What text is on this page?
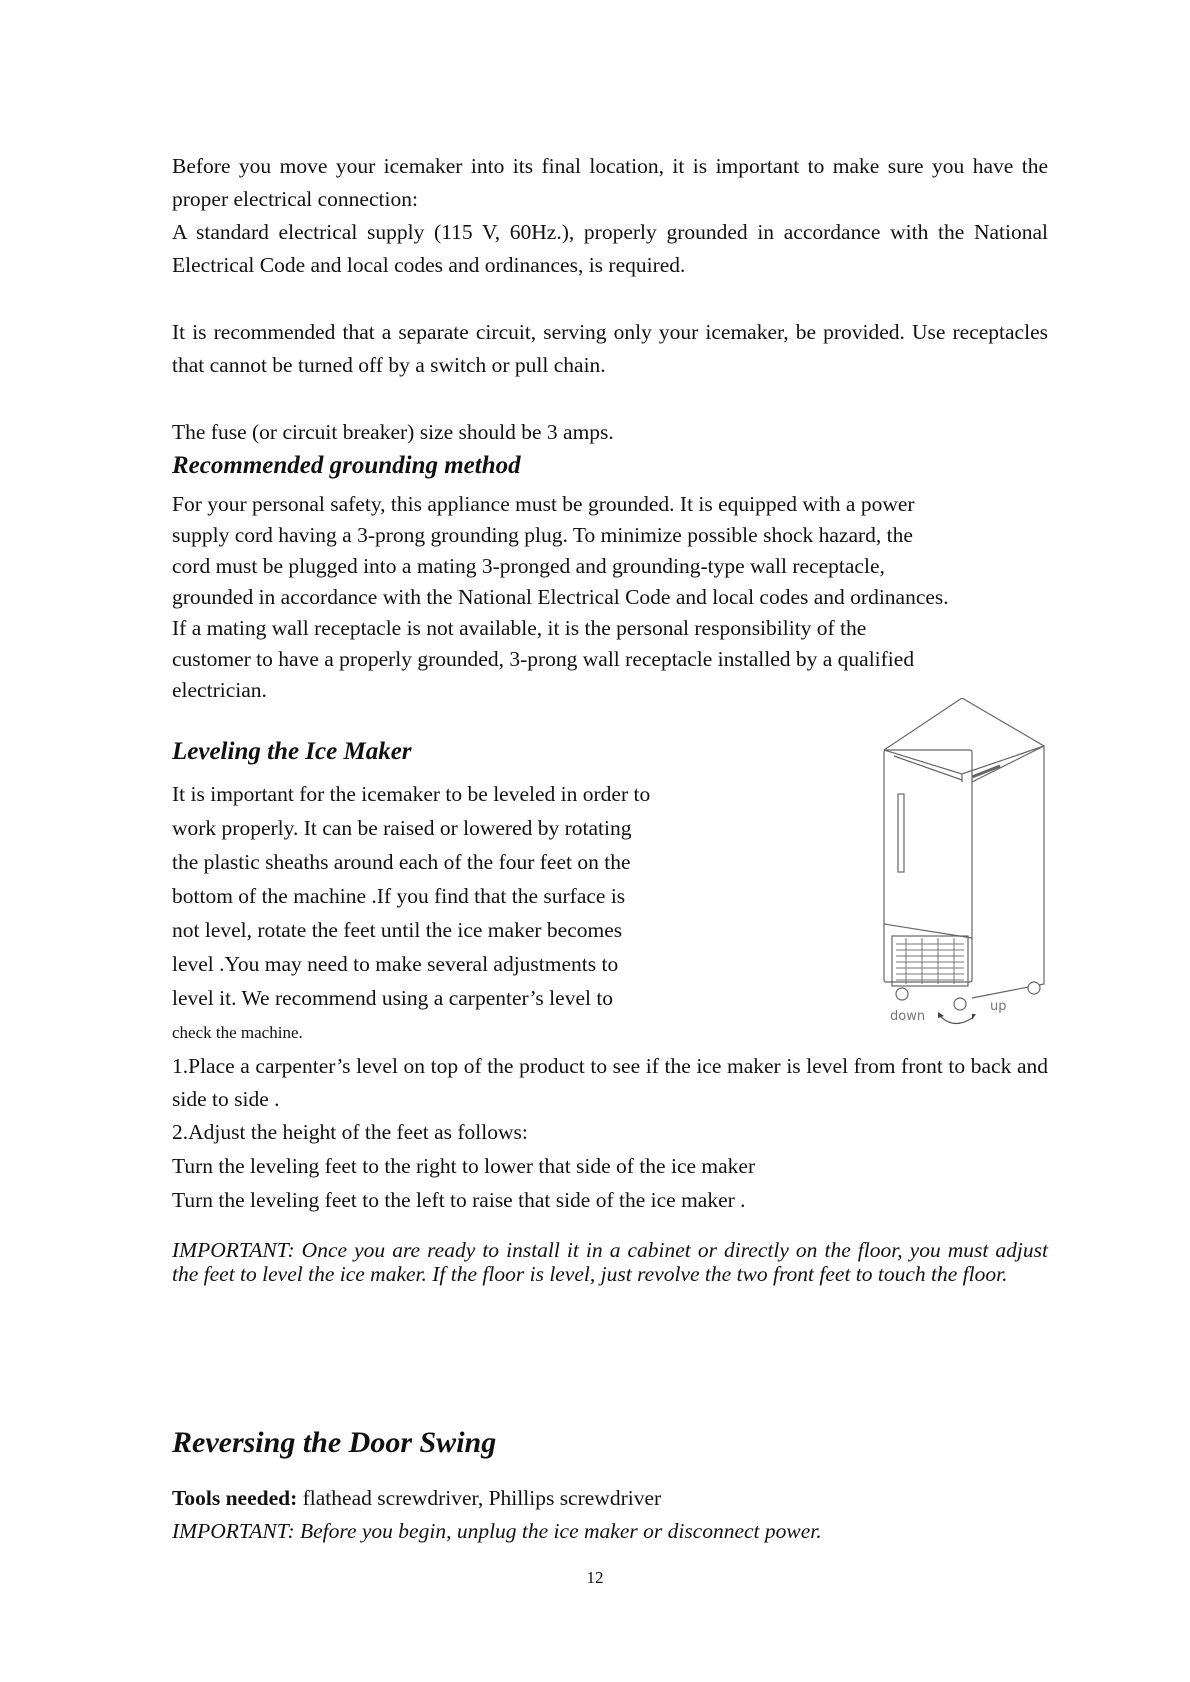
Before you move your icemaker into its final location, it is important to make sure you have the proper electrical connection:

A standard electrical supply (115 V, 60Hz.), properly grounded in accordance with the National Electrical Code and local codes and ordinances, is required.

It is recommended that a separate circuit, serving only your icemaker, be provided. Use receptacles that cannot be turned off by a switch or pull chain.

The fuse (or circuit breaker) size should be 3 amps.

Recommended grounding method

For your personal safety, this appliance must be grounded. It is equipped with a power

supply cord having a 3-prong grounding plug. To minimize possible shock hazard, the

cord must be plugged into a mating 3-pronged and grounding-type wall receptacle,

grounded in accordance with the National Electrical Code and local codes and ordinances.

If a mating wall receptacle is not available, it is the personal responsibility of the

customer to have a properly grounded, 3-prong wall receptacle installed by a qualified

electrician.

Leveling the Ice Maker

It is important for the icemaker to be leveled in order to

work properly. It can be raised or lowered by rotating

the plastic sheaths around each of the four feet on the

bottom of the machine .If you find that the surface is

not level, rotate the feet until the ice maker becomes

level .You may need to make several adjustments to

level it. We recommend using a carpenter’s level to

check the machine.

down
up

1.Place a carpenter’s level on top of the product to see if the ice maker is level from front to back and side to side .

2.Adjust the height of the feet as follows:

Turn the leveling feet to the right to lower that side of the ice maker

Turn the leveling feet to the left to raise that side of the ice maker .

IMPORTANT: Once you are ready to install it in a cabinet or directly on the floor, you must adjust the feet to level the ice maker. If the floor is level, just revolve the two front feet to touch the floor.

Reversing the Door Swing

Tools needed: flathead screwdriver, Phillips screwdriver

IMPORTANT: Before you begin, unplug the ice maker or disconnect power.

12
